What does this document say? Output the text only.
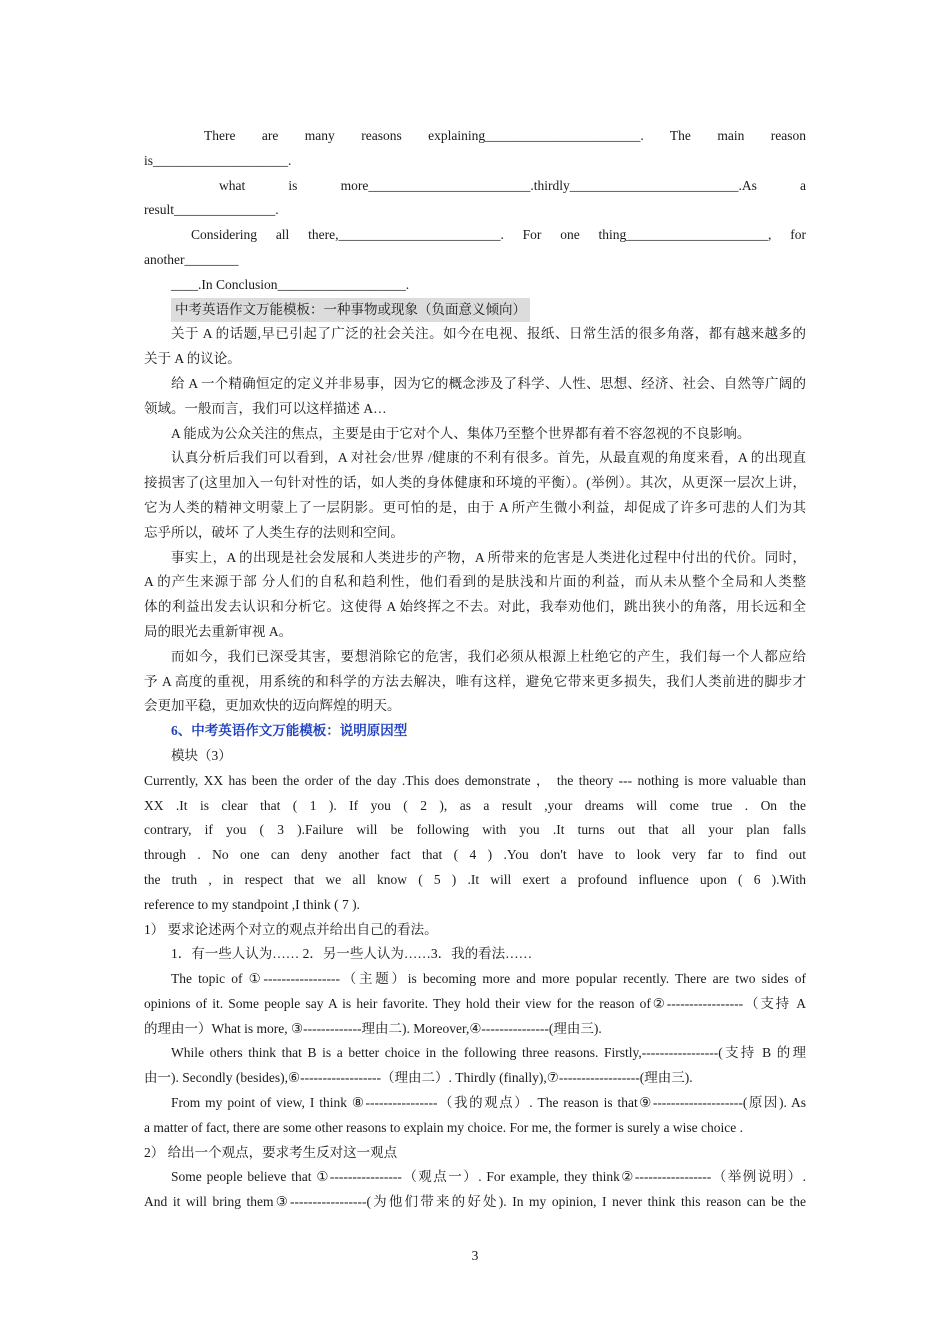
There are many reasons explaining_______________________. The main reason
is____________________.
what is more________________________.thirdly_________________________.As a
result_______________.
Considering all there,________________________. For one thing_____________________, for
another________
____.In Conclusion___________________.
中考英语作文万能模板：一种事物或现象（负面意义倾向）
关于 A 的话题,早已引起了广泛的社会关注。如今在电视、报纸、日常生活的很多角落，都有越来越多的
关于 A 的议论。
给 A 一个精确恒定的定义并非易事，因为它的概念涉及了科学、人性、思想、经济、社会、自然等广阔的
领域。一般而言，我们可以这样描述 A…
A 能成为公众关注的焦点，主要是由于它对个人、集体乃至整个世界都有着不容忽视的不良影响。
认真分析后我们可以看到，A 对社会/世界 /健康的不利有很多。首先，从最直观的角度来看，A 的出现直
接损害了(这里加入一句针对性的话，如人类的身体健康和环境的平衡）。(举例）。其次，从更深一层次上讲，
它为人类的精神文明蒙上了一层阴影。更可怕的是，由于 A 所产生微小利益，却促成了许多可悲的人们为其
忘乎所以，破坏 了人类生存的法则和空间。
事实上，A 的出现是社会发展和人类进步的产物，A 所带来的危害是人类进化过程中付出的代价。同时，
A 的产生来源于部 分人们的自私和趋利性，他们看到的是肤浅和片面的利益，而从未从整个全局和人类整
体的利益出发去认识和分析它。这使得 A 始终挥之不去。对此，我奉劝他们，跳出狭小的角落，用长远和全
局的眼光去重新审视 A。
而如今，我们已深受其害，要想消除它的危害，我们必须从根源上杜绝它的产生，我们每一个人都应给
予 A 高度的重视，用系统的和科学的方法去解决，唯有这样，避免它带来更多损失，我们人类前进的脚步才
会更加平稳，更加欢快的迈向辉煌的明天。
6、中考英语作文万能模板：说明原因型
模块（3）
Currently, XX has been the order of the day .This does demonstrate ， the theory --- nothing is more valuable than
XX .It is clear that ( 1 ). If you ( 2 ), as a result ,your dreams will come true . On the
contrary, if you ( 3 ).Failure will be following with you .It turns out that all your plan falls
through . No one can deny another fact that ( 4 ) .You don't have to look very far to find out
the truth , in respect that we all know ( 5 ) .It will exert a profound influence upon ( 6 ).With
reference to my standpoint ,I think ( 7 ).
1） 要求论述两个对立的观点并给出自己的看法。
1．有一些人认为…… 2．另一些人认为……3．我的看法……
The topic of ①-----------------（主题）is becoming more and more popular recently. There are two sides of
opinions of it. Some people say A is heir favorite. They hold their view for the reason of②-----------------（支持 A
的理由一）What is more, ③-------------理由二). Moreover,④---------------(理由三).
While others think that B is a better choice in the following three reasons. Firstly,-----------------(支持 B 的理
由一). Secondly (besides),⑥------------------（理由二）. Thirdly (finally),⑦------------------(理由三).
From my point of view, I think ⑧----------------（我的观点）. The reason is that⑨--------------------(原因). As
a matter of fact, there are some other reasons to explain my choice. For me, the former is surely a wise choice .
2） 给出一个观点，要求考生反对这一观点
Some people believe that ①----------------（观点一）. For example, they think②-----------------（举例说明）.
And it will bring them③-----------------(为他们带来的好处). In my opinion, I never think this reason can be the
3
